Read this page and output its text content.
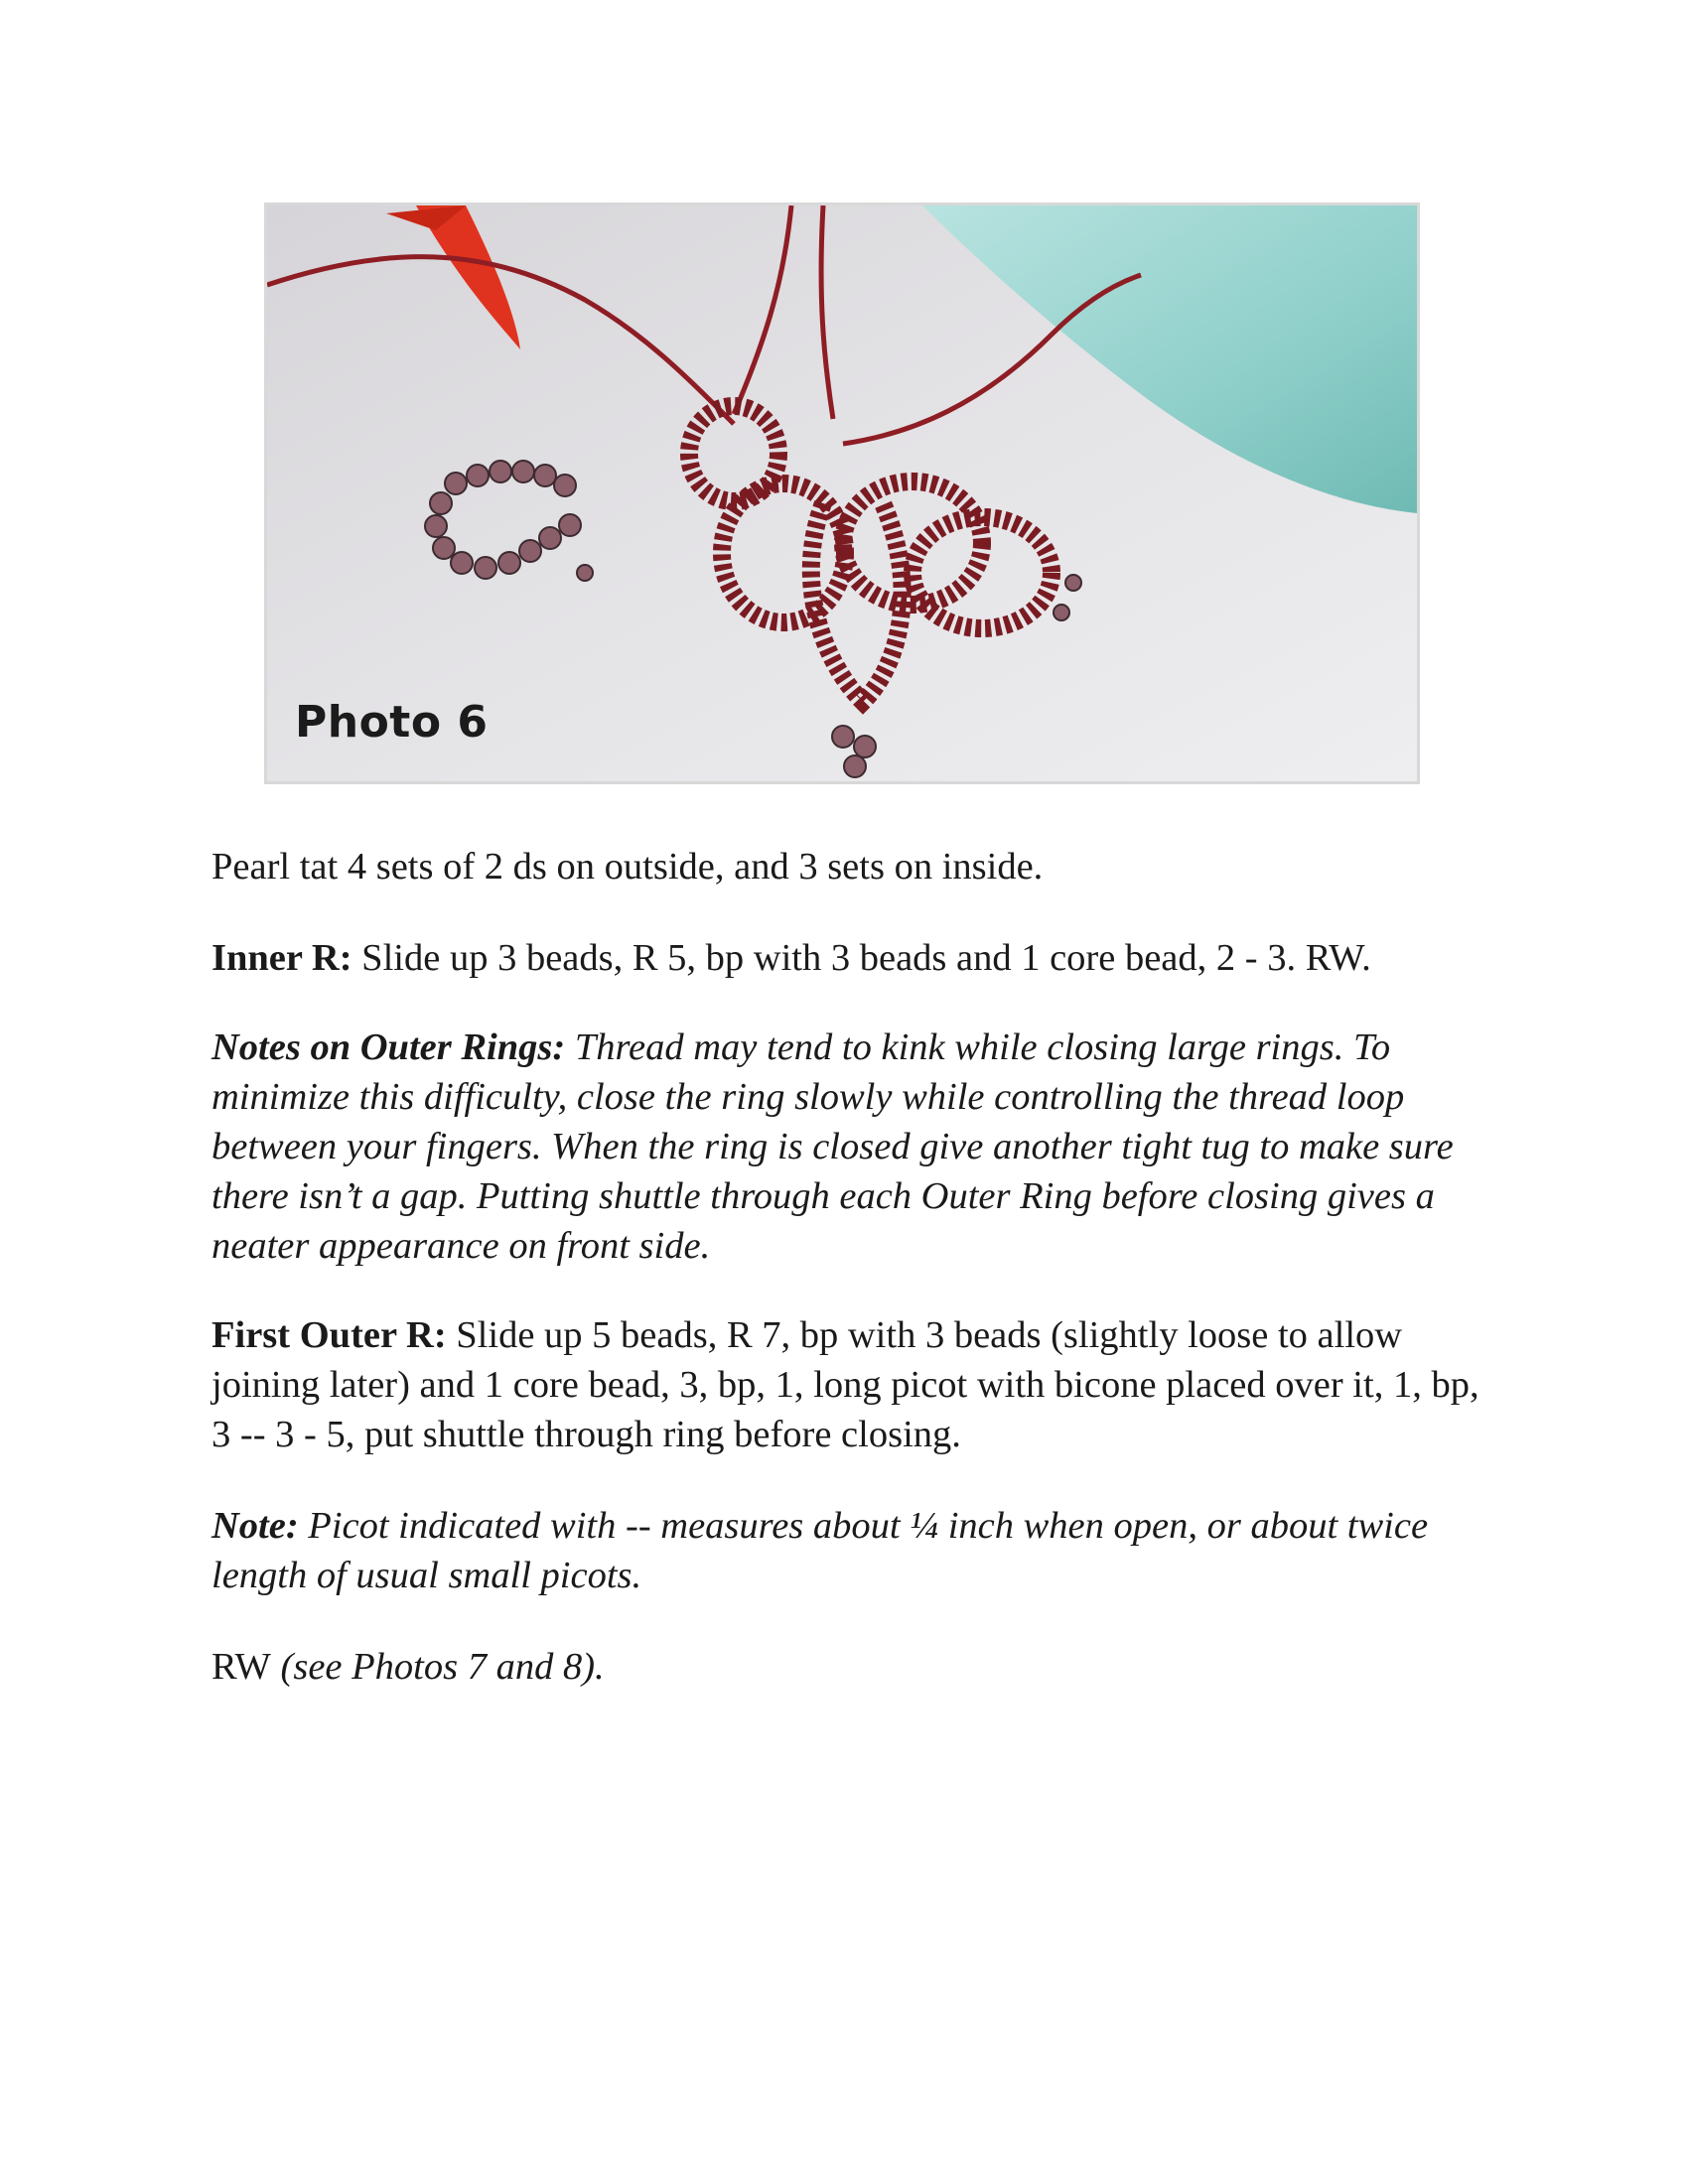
Photo 6

Pearl tat 4 sets of 2 ds on outside, and 3 sets on inside.

Inner R: Slide up 3 beads, R 5, bp with 3 beads and 1 core bead, 2 - 3. RW.

Notes on Outer Rings: Thread may tend to kink while closing large rings. To minimize this difficulty, close the ring slowly while controlling the thread loop between your fingers. When the ring is closed give another tight tug to make sure there isn’t a gap. Putting shuttle through each Outer Ring before closing gives a neater appearance on front side.

First Outer R: Slide up 5 beads, R 7, bp with 3 beads (slightly loose to allow joining later) and 1 core bead, 3, bp, 1, long picot with bicone placed over it, 1, bp, 3 -- 3 - 5, put shuttle through ring before closing.

Note: Picot indicated with -- measures about ¼ inch when open, or about twice length of usual small picots.

RW (see Photos 7 and 8).
